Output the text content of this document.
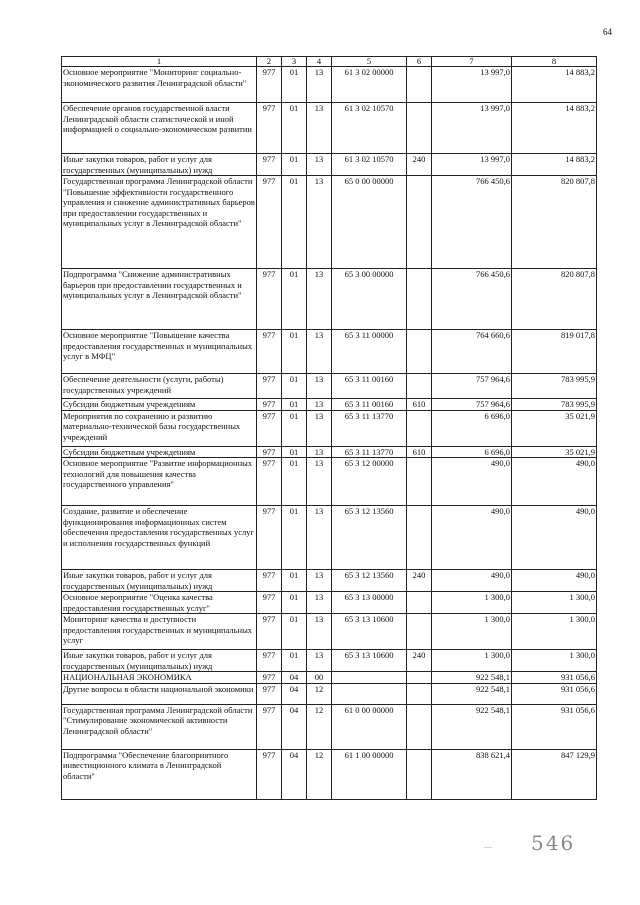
64
1	2	3	4	5	6	7	8
Основное мероприятие "Мониторинг социально-экономического развития Ленинградской области"	977	01	13	61 3 02 00000		13 997,0	14 883,2
Обеспечение органов государственной власти Ленинградской области статистической и иной информацией о социально-экономическом развитии	977	01	13	61 3 02 10570		13 997,0	14 883,2
Иные закупки товаров, работ и услуг для государственных (муниципальных) нужд	977	01	13	61 3 02 10570	240	13 997,0	14 883,2
Государственная программа Ленинградской области "Повышение эффективности государственного управления и снижение административных барьеров при предоставлении государственных и муниципальных услуг в Ленинградской области"	977	01	13	65 0 00 00000		766 450,6	820 807,8
Подпрограмма "Снижение административных барьеров при предоставлении государственных и муниципальных услуг в Ленинградской области"	977	01	13	65 3 00 00000		766 450,6	820 807,8
Основное мероприятие "Повышение качества предоставления государственных и муниципальных услуг в МФЦ"	977	01	13	65 3 11 00000		764 660,6	819 017,8
Обеспечение деятельности (услуги, работы) государственных учреждений	977	01	13	65 3 11 00160		757 964,6	783 995,9
Субсидии бюджетным учреждениям	977	01	13	65 3 11 00160	610	757 964,6	783 995,9
Мероприятия по сохранению и развитию материально-технической базы государственных учреждений	977	01	13	65 3 11 13770		6 696,0	35 021,9
Субсидии бюджетным учреждениям	977	01	13	65 3 11 13770	610	6 696,0	35 021,9
Основное мероприятие "Развитие информационных технологий для повышения качества государственного управления"	977	01	13	65 3 12 00000		490,0	490,0
Создание, развитие и обеспечение функционирования информационных систем обеспечения предоставления государственных услуг и исполнения государственных функций	977	01	13	65 3 12 13560		490,0	490,0
Иные закупки товаров, работ и услуг для государственных (муниципальных) нужд	977	01	13	65 3 12 13560	240	490,0	490,0
Основное мероприятие "Оценка качества предоставления государственных услуг"	977	01	13	65 3 13 00000		1 300,0	1 300,0
Мониторинг качества и доступности предоставления государственных и муниципальных услуг	977	01	13	65 3 13 10600		1 300,0	1 300,0
Иные закупки товаров, работ и услуг для государственных (муниципальных) нужд	977	01	13	65 3 13 10600	240	1 300,0	1 300,0
НАЦИОНАЛЬНАЯ ЭКОНОМИКА	977	04	00			922 548,1	931 056,6
Другие вопросы в области национальной экономики	977	04	12			922 548,1	931 056,6
Государственная программа Ленинградской области "Стимулирование экономической активности Ленинградской области"	977	04	12	61 0 00 00000		922 548,1	931 056,6
Подпрограмма "Обеспечение благоприятного инвестиционного климата в Ленинградской области"	977	04	12	61 1 00 00000		838 621,4	847 129,9
— 546
